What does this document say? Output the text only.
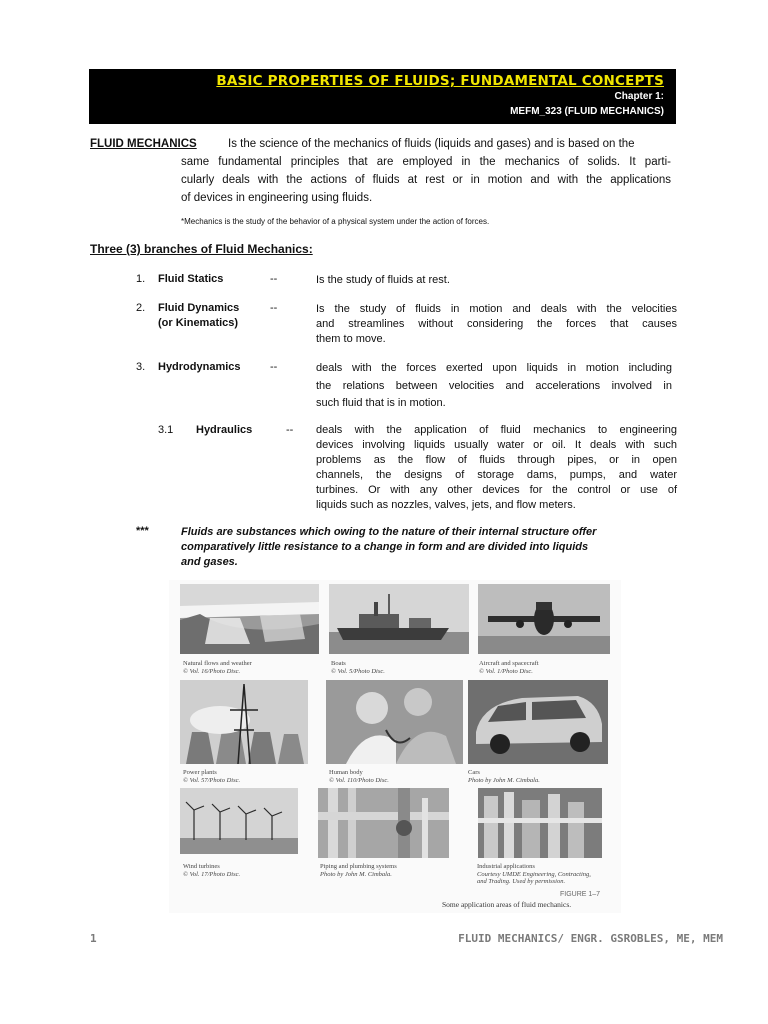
BASIC PROPERTIES OF FLUIDS; FUNDAMENTAL CONCEPTS
Chapter 1:
MEFM_323 (FLUID MECHANICS)
FLUID MECHANICS	Is the science of the mechanics of fluids (liquids and gases) and is based on the
same fundamental principles that are employed in the mechanics of solids. It parti-
cularly deals with the actions of fluids at rest or in motion and with the applications
of devices in engineering using fluids.
*Mechanics is the study of the behavior of a physical system under the action of forces.
Three (3) branches of Fluid Mechanics:
1. Fluid Statics	--	Is the study of fluids at rest.
2. Fluid Dynamics
(or Kinematics)
--	Is the study of fluids in motion and deals with the velocities
and streamlines without considering the forces that causes
them to move.
3. Hydrodynamics	--	deals with the forces exerted upon liquids in motion including
the relations between velocities and accelerations involved in
such fluid that is in motion.
3.1 Hydraulics	-- deals with the application of fluid mechanics to engineering
devices involving liquids usually water or oil. It deals with such
problems as the flow of fluids through pipes, or in open
channels, the designs of storage dams, pumps, and water
turbines. Or with any other devices for the control or use of
liquids such as nozzles, valves, jets, and flow meters.
***	Fluids are substances which owing to the nature of their internal structure offer
comparatively little resistance to a change in form and are divided into liquids
and gases.
Natural flows and weather
© Vol. 16/Photo Disc.
Boats
© Vol. 5/Photo Disc.
Aircraft and spacecraft
© Vol. 1/Photo Disc.
Power plants
© Vol. 57/Photo Disc.
Human body
© Vol. 110/Photo Disc.
Cars
Photo by John M. Cimbala.
Wind turbines
© Vol. 17/Photo Disc.
Piping and plumbing systems
Photo by John M. Cimbala.
Industrial applications
Courtesy UMDE Engineering, Contracting,
and Trading. Used by permission.
FIGURE 1–7
Some application areas of fluid mechanics.
1	FLUID MECHANICS/ ENGR. GSROBLES, ME, MEM
